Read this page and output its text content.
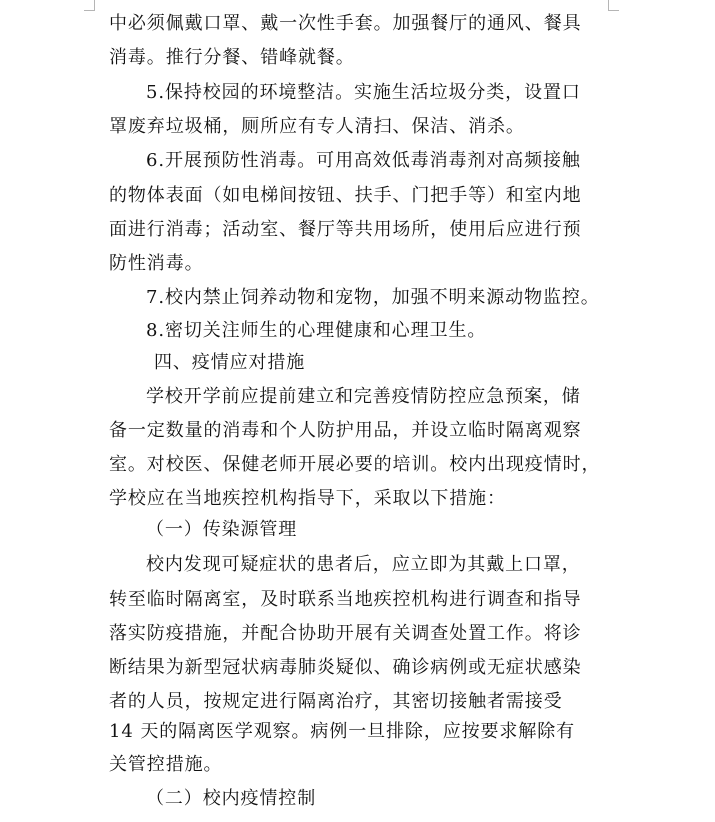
中必须佩戴口罩、戴一次性手套。加强餐厅的通风、餐具
消毒。推行分餐、错峰就餐。
5.保持校园的环境整洁。实施生活垃圾分类，设置口
罩废弃垃圾桶，厕所应有专人清扫、保洁、消杀。
6.开展预防性消毒。可用高效低毒消毒剂对高频接触
的物体表面（如电梯间按钮、扶手、门把手等）和室内地
面进行消毒；活动室、餐厅等共用场所，使用后应进行预
防性消毒。
7.校内禁止饲养动物和宠物，加强不明来源动物监控。
8.密切关注师生的心理健康和心理卫生。
四、疫情应对措施
学校开学前应提前建立和完善疫情防控应急预案，储
备一定数量的消毒和个人防护用品，并设立临时隔离观察
室。对校医、保健老师开展必要的培训。校内出现疫情时，
学校应在当地疾控机构指导下，采取以下措施：
（一）传染源管理
校内发现可疑症状的患者后，应立即为其戴上口罩，
转至临时隔离室，及时联系当地疾控机构进行调查和指导
落实防疫措施，并配合协助开展有关调查处置工作。将诊
断结果为新型冠状病毒肺炎疑似、确诊病例或无症状感染
者的人员，按规定进行隔离治疗，其密切接触者需接受
14 天的隔离医学观察。病例一旦排除，应按要求解除有
关管控措施。
（二）校内疫情控制
